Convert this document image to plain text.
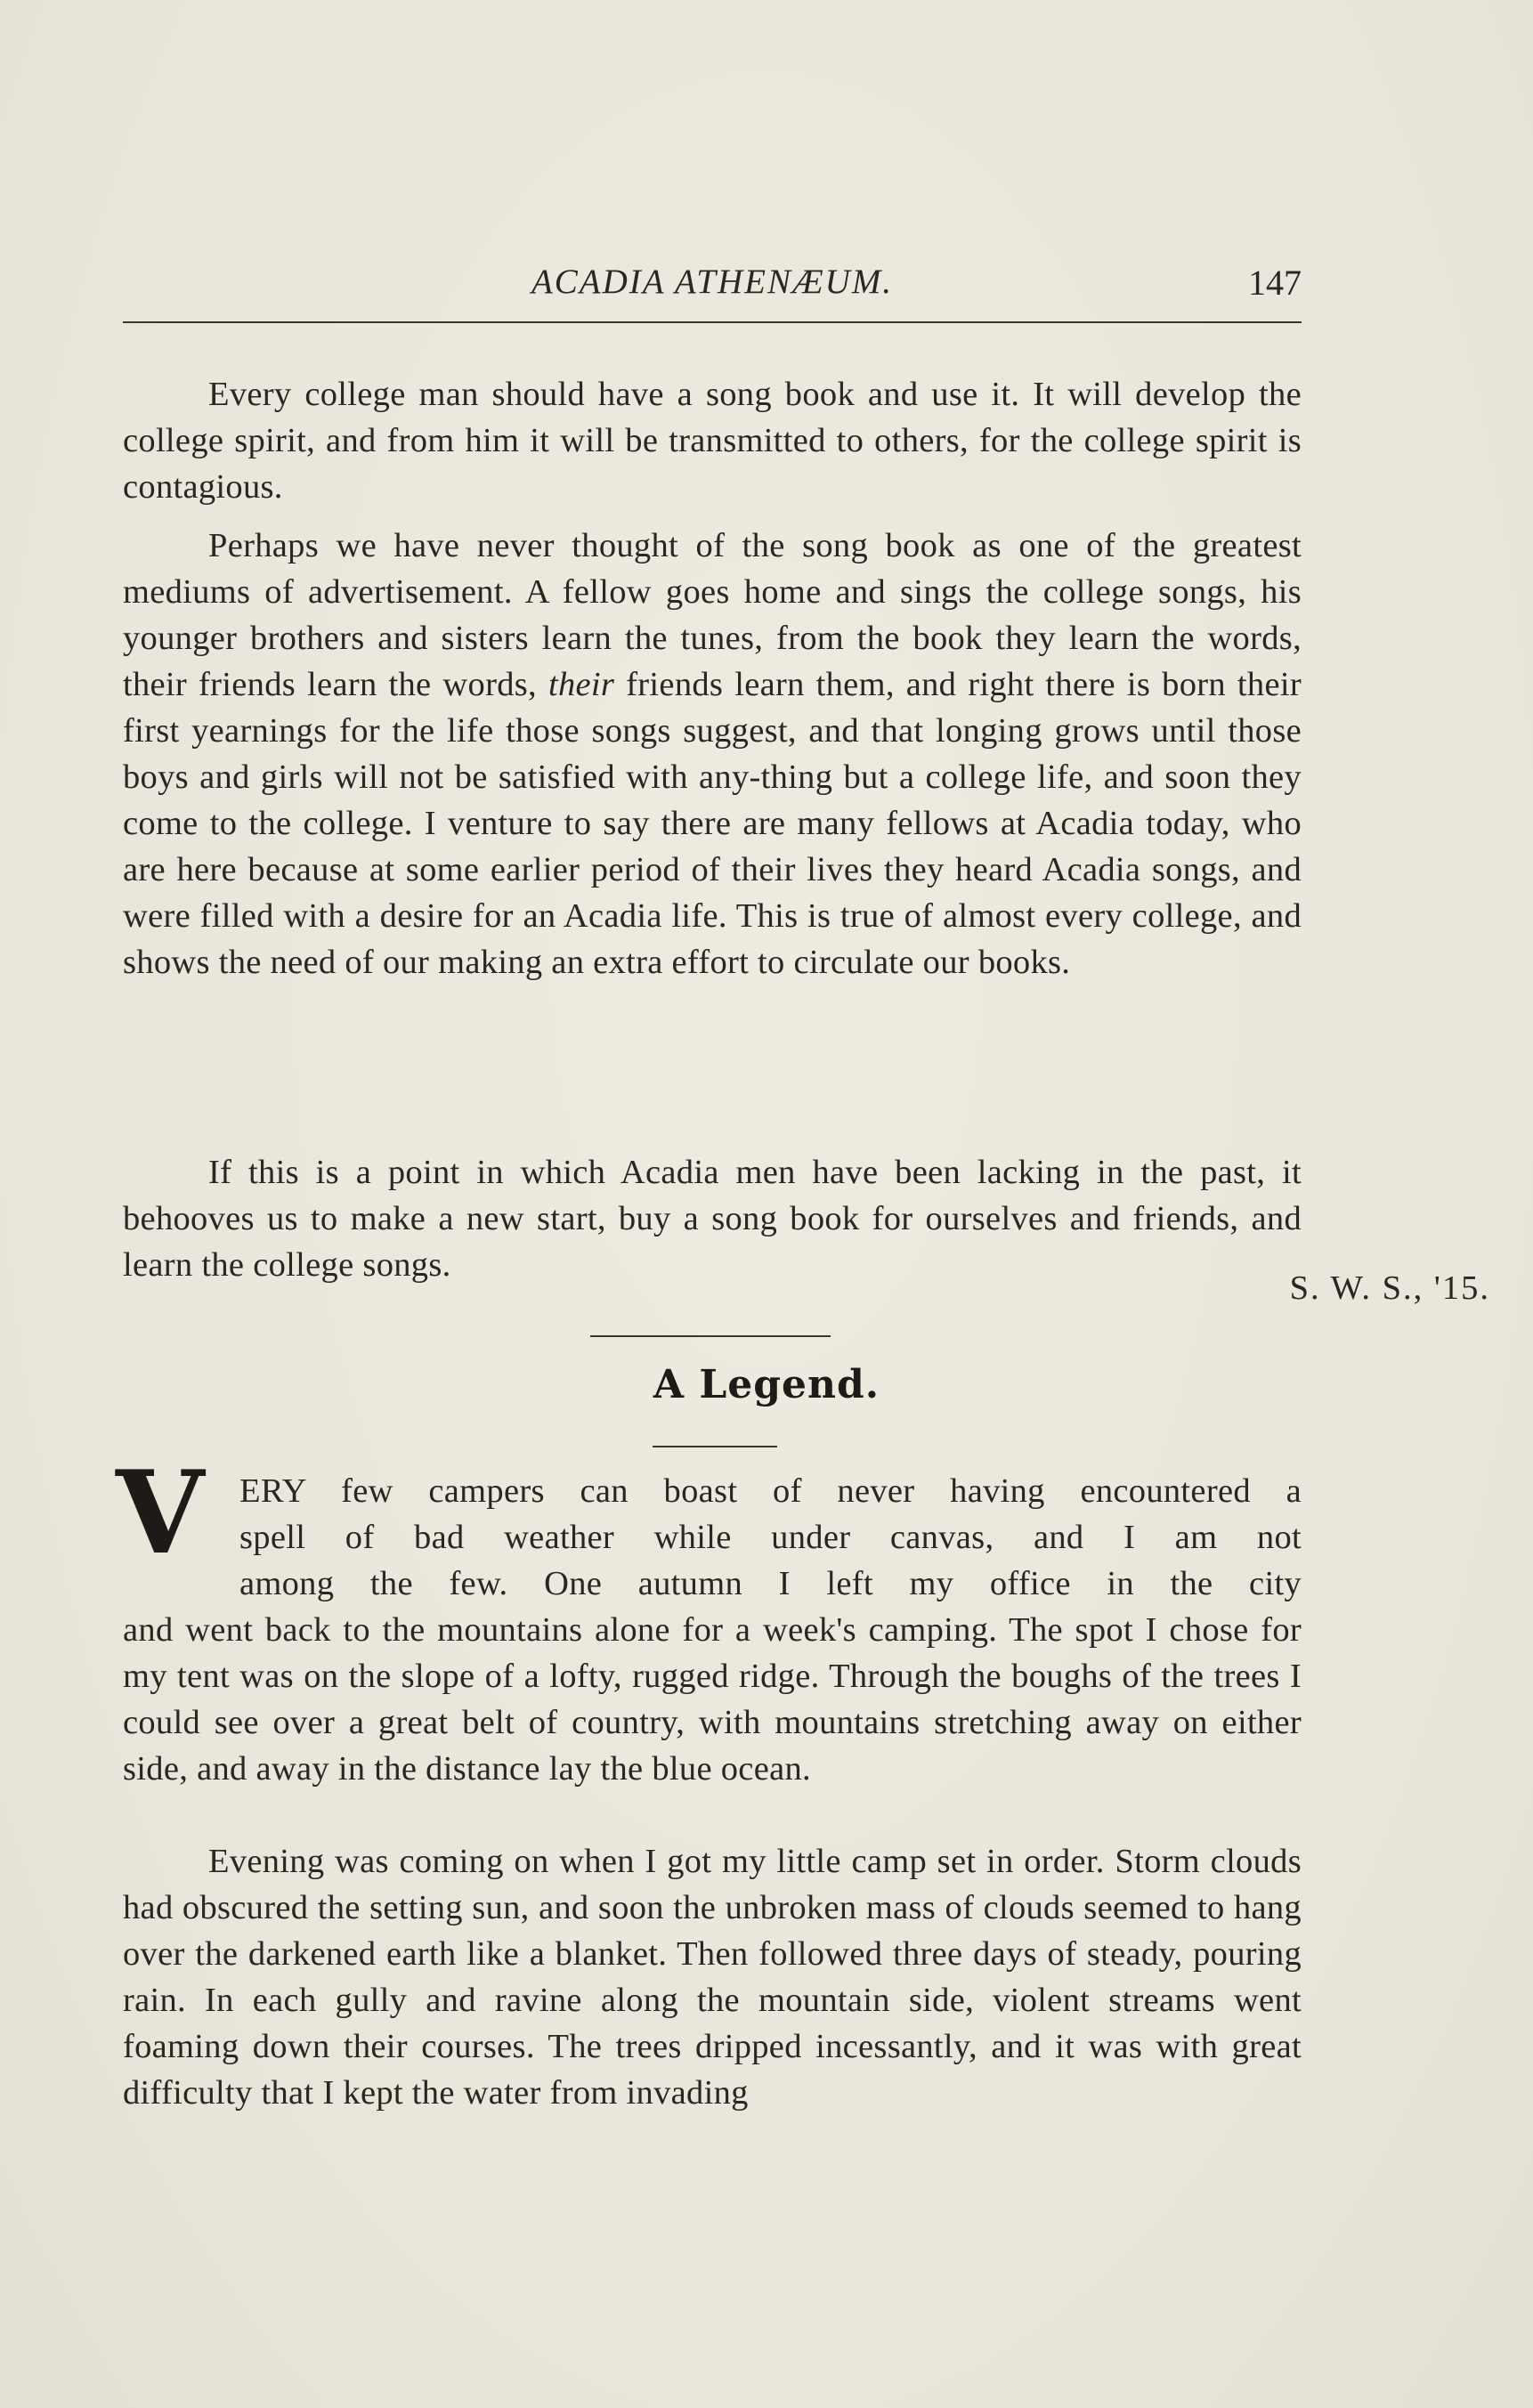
ACADIA ATHENÆUM.	147

Every college man should have a song book and use it. It will develop the college spirit, and from him it will be transmitted to others, for the college spirit is contagious.

Perhaps we have never thought of the song book as one of the greatest mediums of advertisement. A fellow goes home and sings the college songs, his younger brothers and sisters learn the tunes, from the book they learn the words, their friends learn the words, their friends learn them, and right there is born their first yearnings for the life those songs suggest, and that longing grows until those boys and girls will not be satisfied with any-thing but a college life, and soon they come to the college. I venture to say there are many fellows at Acadia today, who are here because at some earlier period of their lives they heard Acadia songs, and were filled with a desire for an Acadia life. This is true of almost every college, and shows the need of our making an extra effort to circulate our books.

If this is a point in which Acadia men have been lacking in the past, it behooves us to make a new start, buy a song book for ourselves and friends, and learn the college songs.

S. W. S., '15.
A Legend.
V ERY few campers can boast of never having encountered a
spell of bad weather while under canvas, and I am not
among the few. One autumn I left my office in the city

and went back to the mountains alone for a week's camping. The spot I chose for my tent was on the slope of a lofty, rugged ridge. Through the boughs of the trees I could see over a great belt of country, with mountains stretching away on either side, and away in the distance lay the blue ocean.

Evening was coming on when I got my little camp set in order. Storm clouds had obscured the setting sun, and soon the unbroken mass of clouds seemed to hang over the darkened earth like a blanket. Then followed three days of steady, pouring rain. In each gully and ravine along the mountain side, violent streams went foaming down their courses. The trees dripped incessantly, and it was with great difficulty that I kept the water from invading
